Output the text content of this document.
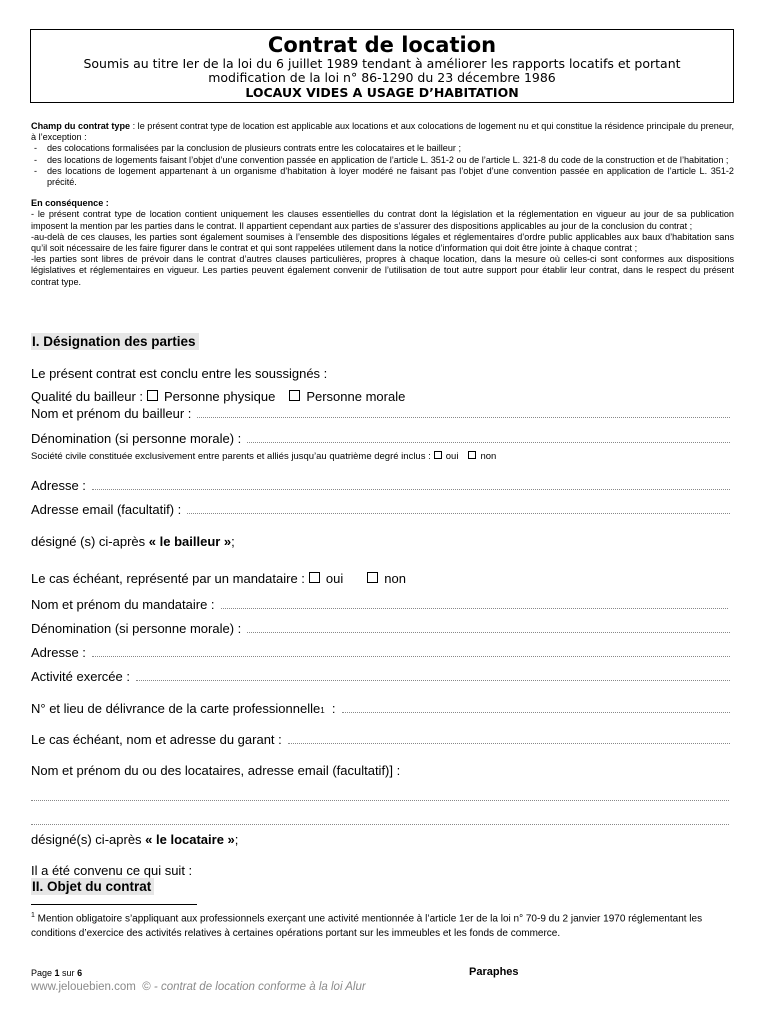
Contrat de location
Soumis au titre Ier de la loi du 6 juillet 1989 tendant à améliorer les rapports locatifs et portant
modification de la loi n° 86-1290 du 23 décembre 1986
LOCAUX VIDES A USAGE D’HABITATION

Champ du contrat type : le présent contrat type de location est applicable aux locations et aux colocations de logement nu et qui constitue la résidence principale du preneur, à l’exception :

- des colocations formalisées par la conclusion de plusieurs contrats entre les colocataires et le bailleur ;
- des locations de logements faisant l’objet d’une convention passée en application de l’article L. 351-2 ou de l’article L. 321-8 du code de la construction et de l’habitation ;
- des locations de logement appartenant à un organisme d’habitation à loyer modéré ne faisant pas l’objet d’une convention passée en application de l’article L. 351-2 précité.

En conséquence :

- le présent contrat type de location contient uniquement les clauses essentielles du contrat dont la législation et la réglementation en vigueur au jour de sa publication imposent la mention par les parties dans le contrat. Il appartient cependant aux parties de s’assurer des dispositions applicables au jour de la conclusion du contrat ;

-au-delà de ces clauses, les parties sont également soumises à l’ensemble des dispositions légales et réglementaires d’ordre public applicables aux baux d’habitation sans qu’il soit nécessaire de les faire figurer dans le contrat et qui sont rappelées utilement dans la notice d’information qui doit être jointe à chaque contrat ;

-les parties sont libres de prévoir dans le contrat d’autres clauses particulières, propres à chaque location, dans la mesure où celles-ci sont conformes aux dispositions législatives et réglementaires en vigueur. Les parties peuvent également convenir de l’utilisation de tout autre support pour établir leur contrat, dans le respect du présent contrat type.

I. Désignation des parties
Le présent contrat est conclu entre les soussignés :
Qualité du bailleur : Personne physique Personne morale
Nom et prénom du bailleur :
Dénomination (si personne morale) :
Société civile constituée exclusivement entre parents et alliés jusqu’au quatrième degré inclus : oui non
Adresse :
Adresse email (facultatif) :
désigné (s) ci-après
« le bailleur » ;
Le cas échéant, représenté par un mandataire : oui	non
Nom et prénom du mandataire :
Dénomination (si personne morale) :
Adresse :
Activité exercée :
N° et lieu de délivrance de la carte professionnelle 1
:
Le cas échéant, nom et adresse du garant :
Nom et prénom du ou des locataires, adresse email (facultatif)] :
désigné(s) ci-après
« le locataire » ;
Il a été convenu ce qui suit :
II. Objet du contrat
$^1$ Mention obligatoire s’appliquant aux professionnels exerçant une activité mentionnée à l’article 1er de la loi n° 70-9 du 2 janvier 1970 réglementant les conditions d’exercice des activités relatives à certaines opérations portant sur les immeubles et les fonds de commerce.
Page 1 sur 6	Paraphes
www.jelouebien.com © - contrat de location conforme à la loi Alur
